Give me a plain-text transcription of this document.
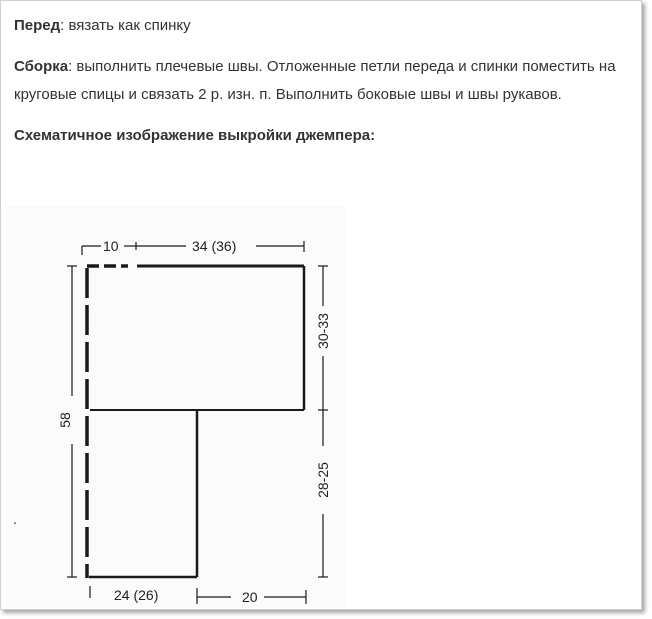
Перед: вязать как спинку

Сборка: выполнить плечевые швы. Отложенные петли переда и спинки поместить на круговые спицы и связать 2 р. изн. п. Выполнить боковые швы и швы рукавов.

Схематичное изображение выкройки джемпера:

10	34 (36)
30-33
58
28-25
24 (26)	20
.
